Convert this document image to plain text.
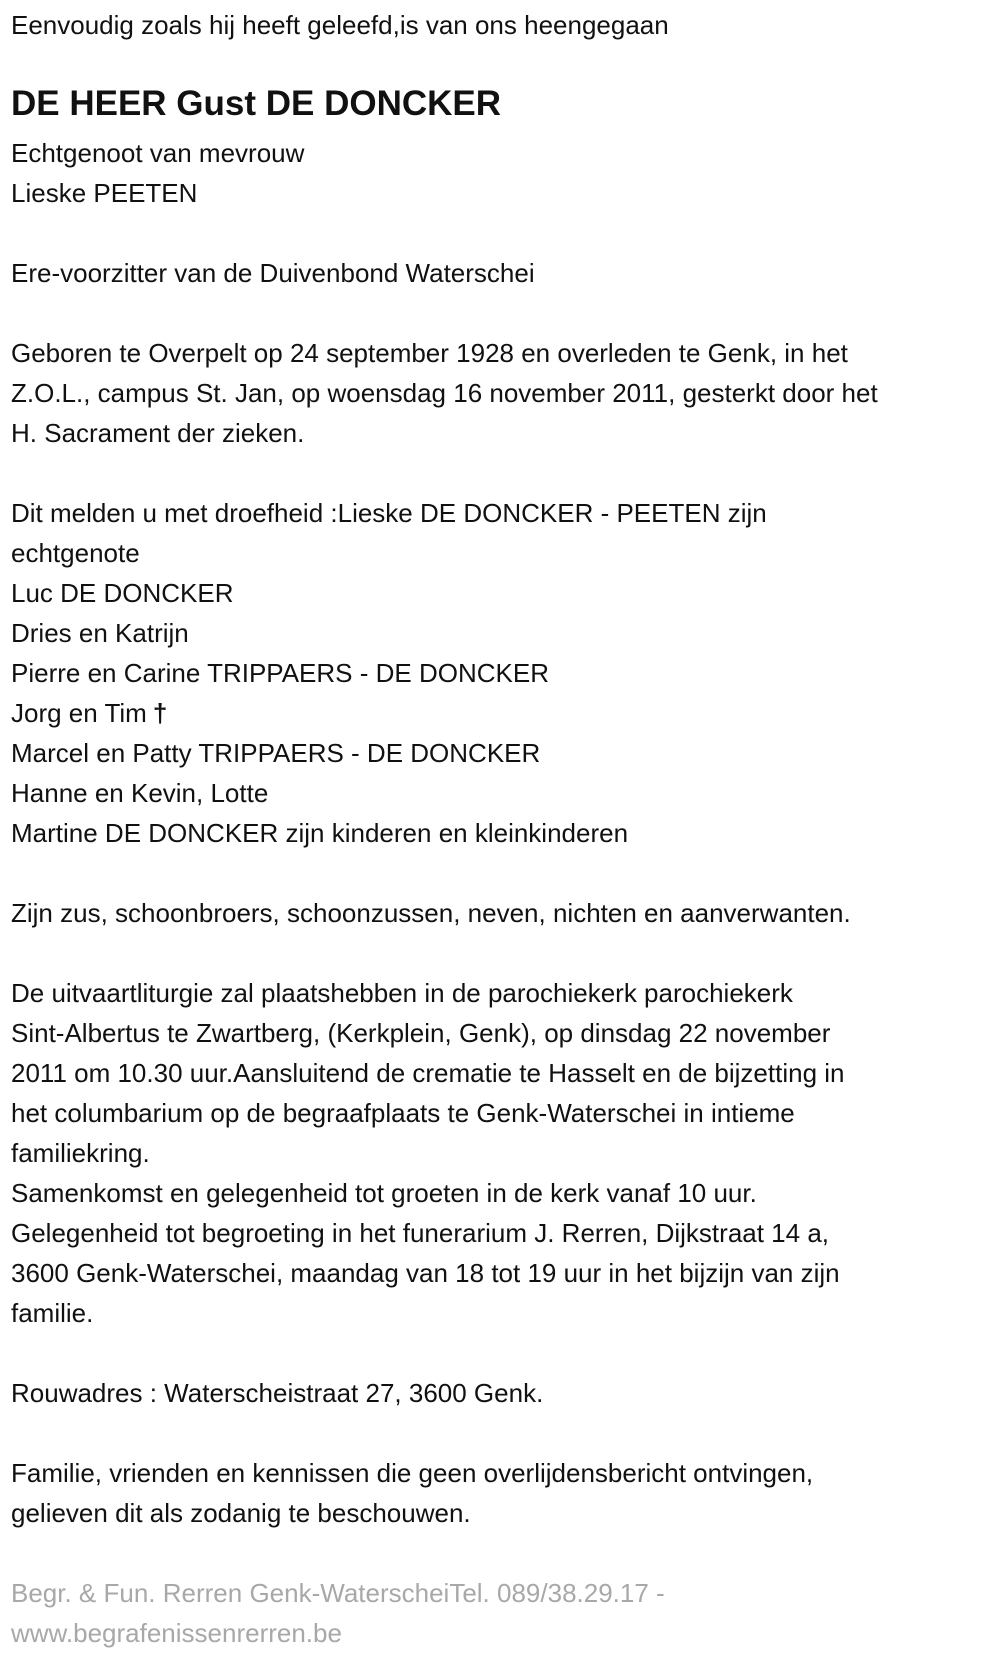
Eenvoudig zoals hij heeft geleefd,is van ons heengegaan
DE HEER Gust DE DONCKER
Echtgenoot van mevrouw
Lieske PEETEN
Ere-voorzitter van de Duivenbond Waterschei
Geboren te Overpelt op 24 september 1928 en overleden te Genk, in het
Z.O.L., campus St. Jan, op woensdag 16 november 2011, gesterkt door het
H. Sacrament der zieken.
Dit melden u met droefheid :Lieske DE DONCKER - PEETEN zijn
echtgenote
Luc DE DONCKER
Dries en Katrijn
Pierre en Carine TRIPPAERS - DE DONCKER
Jorg en Tim †
Marcel en Patty TRIPPAERS - DE DONCKER
Hanne en Kevin, Lotte
Martine DE DONCKER zijn kinderen en kleinkinderen
Zijn zus, schoonbroers, schoonzussen, neven, nichten en aanverwanten.
De uitvaartliturgie zal plaatshebben in de parochiekerk parochiekerk
Sint-Albertus te Zwartberg, (Kerkplein, Genk), op dinsdag 22 november
2011 om 10.30 uur.Aansluitend de crematie te Hasselt en de bijzetting in
het columbarium op de begraafplaats te Genk-Waterschei in intieme
familiekring.
Samenkomst en gelegenheid tot groeten in de kerk vanaf 10 uur.
Gelegenheid tot begroeting in het funerarium J. Rerren, Dijkstraat 14 a,
3600 Genk-Waterschei, maandag van 18 tot 19 uur in het bijzijn van zijn
familie.
Rouwadres : Waterscheistraat 27, 3600 Genk.
Familie, vrienden en kennissen die geen overlijdensbericht ontvingen,
gelieven dit als zodanig te beschouwen.
Begr. & Fun. Rerren Genk-WaterscheiTel. 089/38.29.17 -
www.begrafenissenrerren.be
